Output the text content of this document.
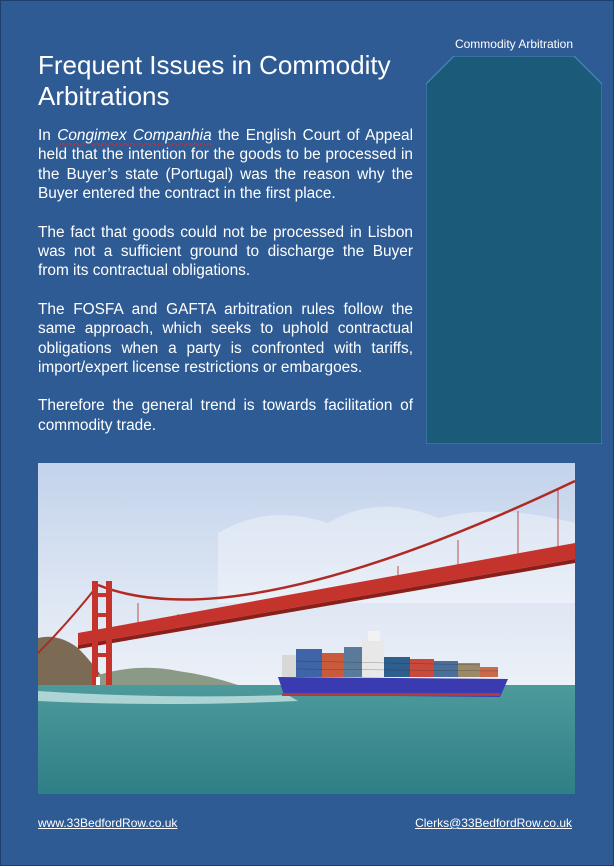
Frequent Issues in Commodity Arbitrations

In Congimex Companhia the English Court of Appeal held that the intention for the goods to be processed in the Buyer’s state (Portugal) was the reason why the Buyer entered the contract in the first place.

The fact that goods could not be processed in Lisbon was not a sufficient ground to discharge the Buyer from its contractual obligations.

The FOSFA and GAFTA arbitration rules follow the same approach, which seeks to uphold contractual obligations when a party is confronted with tariffs, import/expert license restrictions or embargoes.

Therefore the general trend is towards facilitation of commodity trade.

Commodity Arbitration
www.33BedfordRow.co.uk	Clerks@33BedfordRow.co.uk
